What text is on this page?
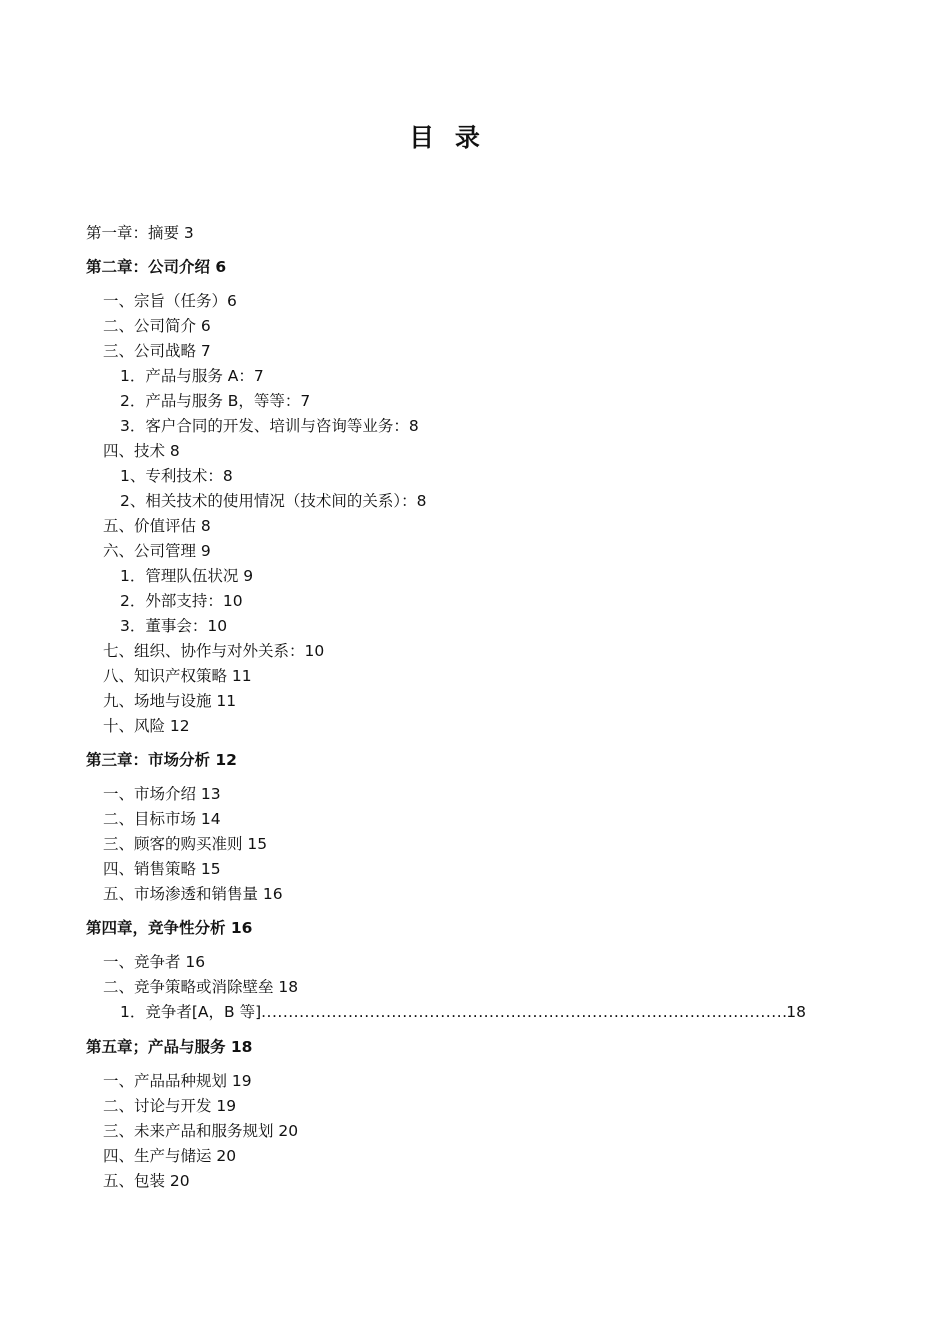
目 录
第一章：摘要 3
第二章：公司介绍 6
一、宗旨（任务）6
二、公司简介 6
三、公司战略 7
1．产品与服务 A：7
2．产品与服务 B，等等：7
3．客户合同的开发、培训与咨询等业务：8
四、技术 8
1、专利技术：8
2、相关技术的使用情况（技术间的关系）：8
五、价值评估 8
六、公司管理 9
1．管理队伍状况 9
2．外部支持：10
3．董事会：10
七、组织、协作与对外关系：10
八、知识产权策略 11
九、场地与设施 11
十、风险 12
第三章：市场分析 12
一、市场介绍 13
二、目标市场 14
三、顾客的购买准则 15
四、销售策略 15
五、市场渗透和销售量 16
第四章，竞争性分析 16
一、竞争者 16
二、竞争策略或消除壁垒 18
1．竞争者[A，B 等]
.....	18
第五章；产品与服务 18
一、产品品种规划 19
二、讨论与开发 19
三、未来产品和服务规划 20
四、生产与储运 20
五、包装 20
